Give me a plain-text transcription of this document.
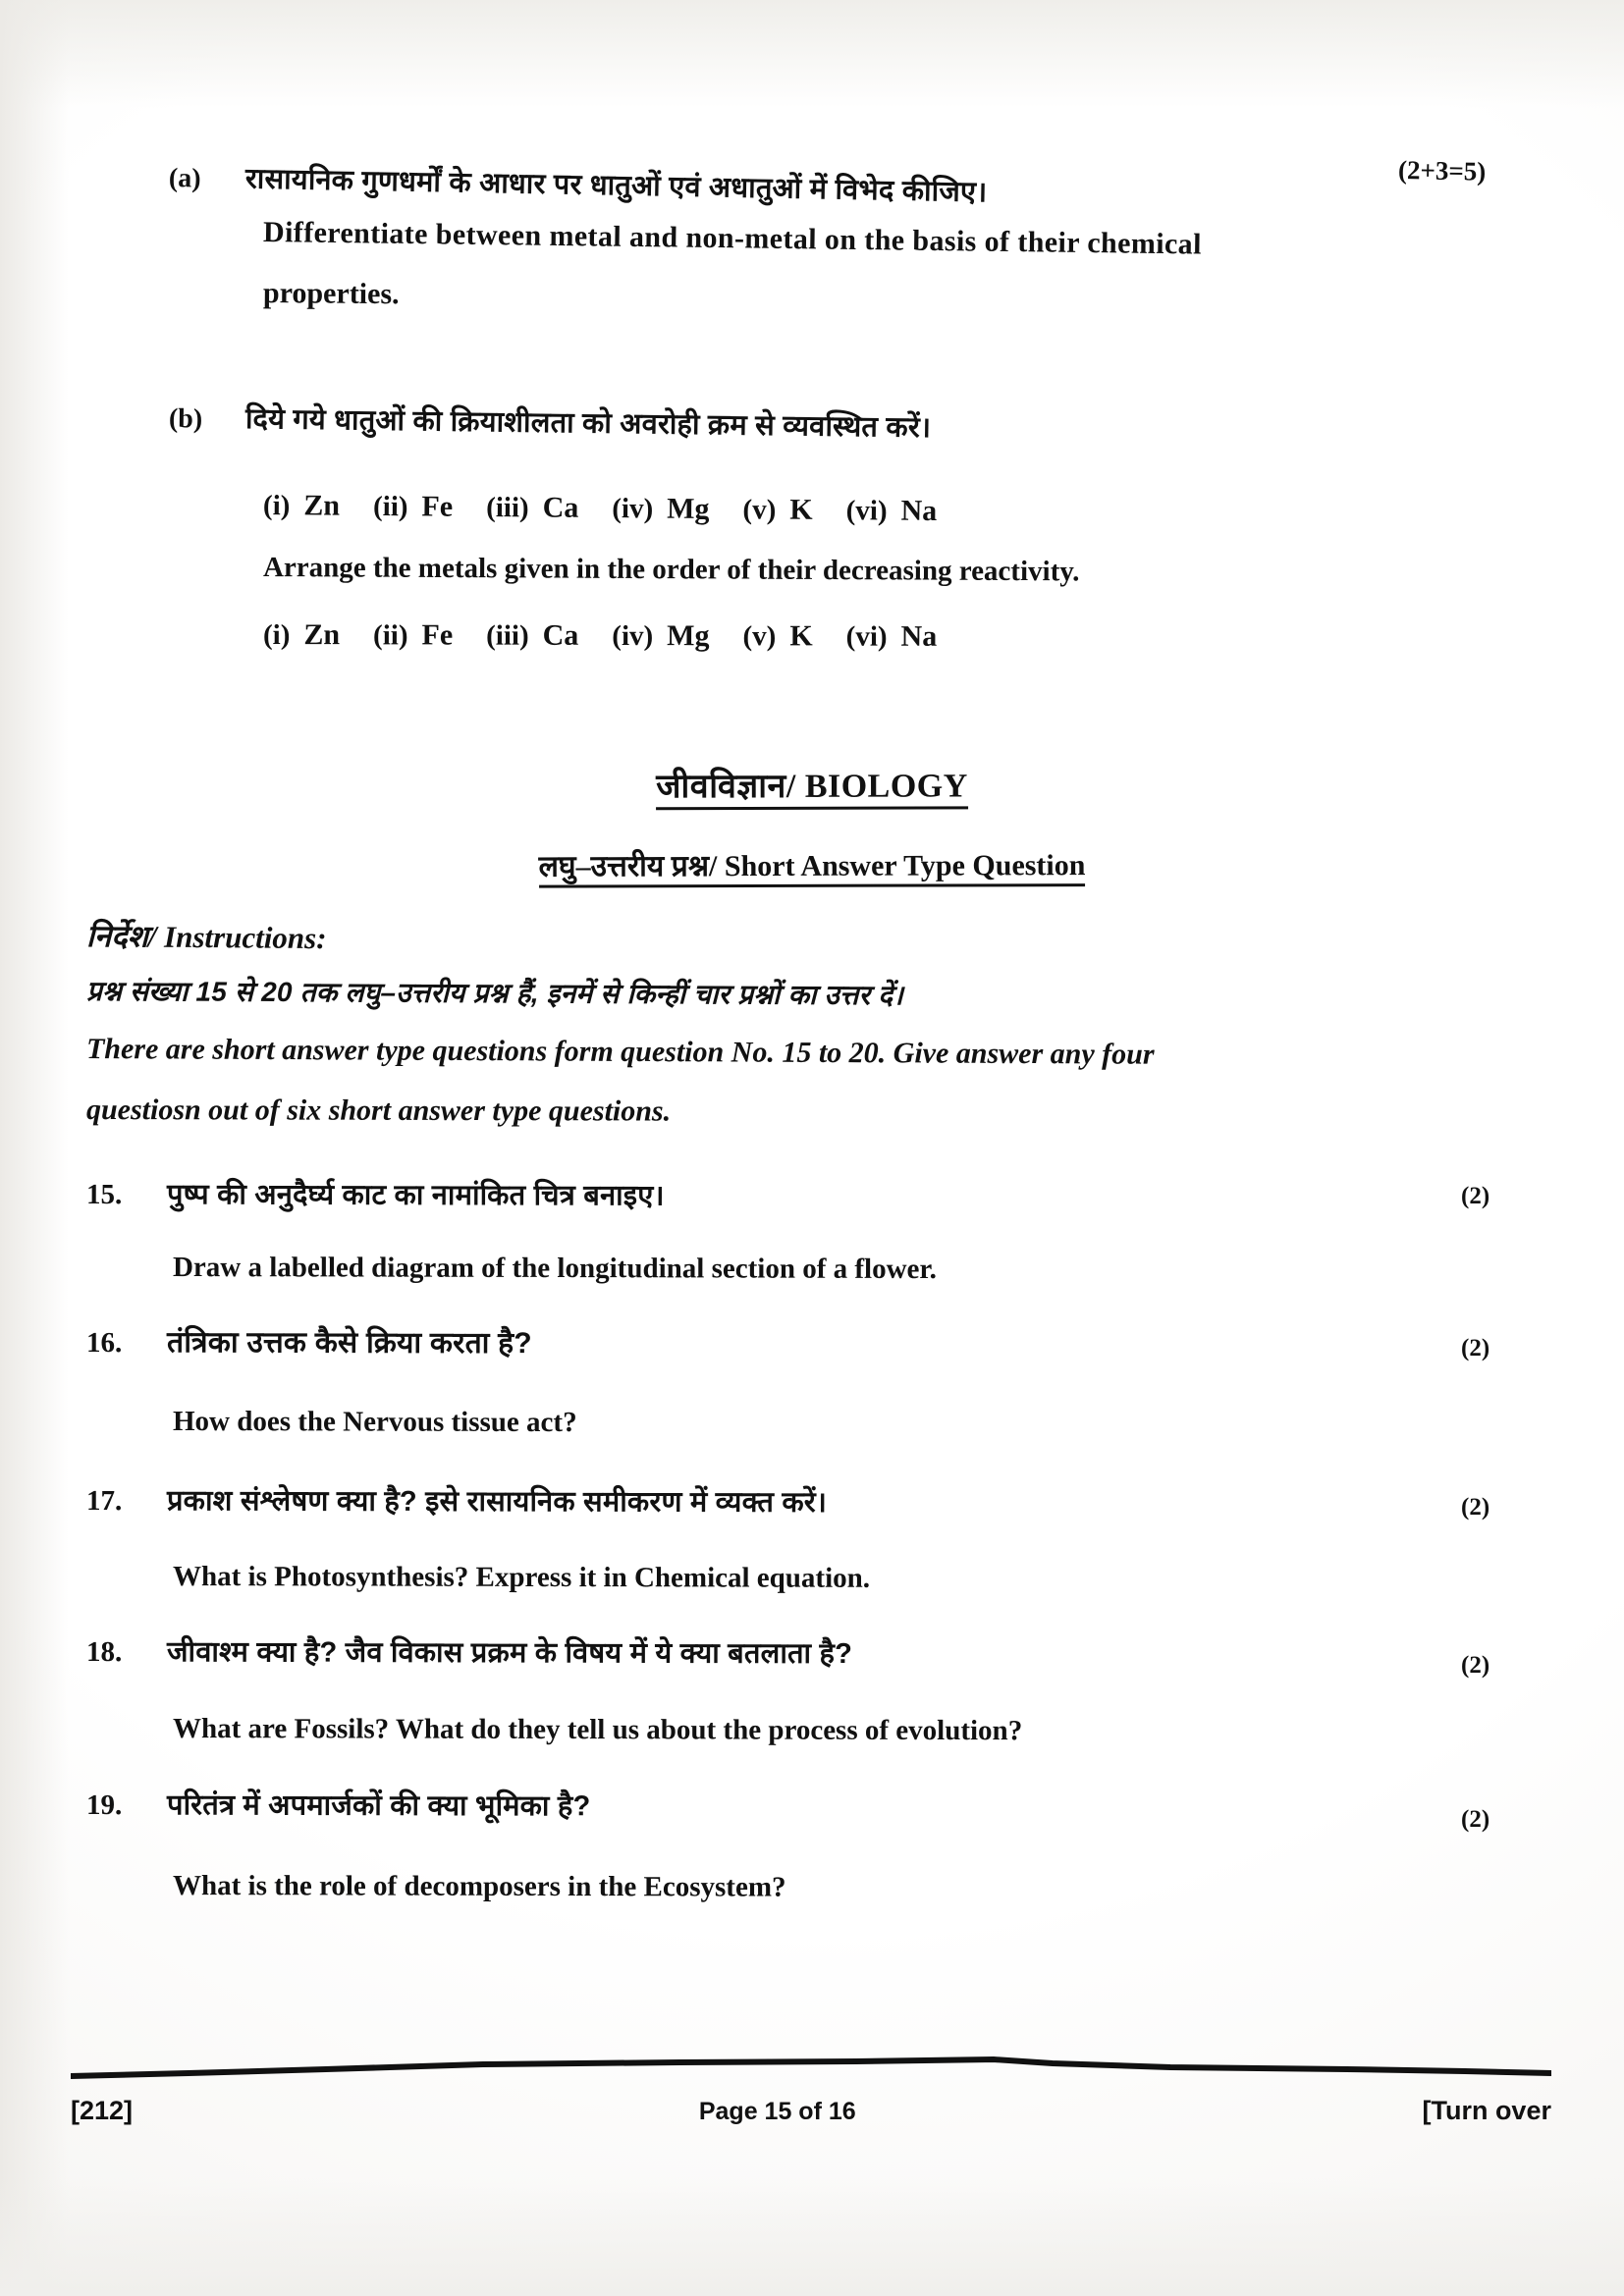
(a)	रासायनिक गुणधर्मों के आधार पर धातुओं एवं अधातुओं में विभेद कीजिए।	(2+3=5)
Differentiate between metal and non-metal on the basis of their chemical
properties.
(b)	दिये गये धातुओं की क्रियाशीलता को अवरोही क्रम से व्यवस्थित करें।
(i) Zn (ii) Fe (iii) Ca (iv) Mg (v) K (vi) Na
Arrange the metals given in the order of their decreasing reactivity.
(i) Zn (ii) Fe (iii) Ca (iv) Mg (v) K (vi) Na
जीवविज्ञान/ BIOLOGY
लघु–उत्तरीय प्रश्न/ Short Answer Type Question
निर्देश/ Instructions:
प्रश्न संख्या 15 से 20 तक लघु–उत्तरीय प्रश्न हैं, इनमें से किन्हीं चार प्रश्नों का उत्तर दें।
There are short answer type questions form question No. 15 to 20. Give answer any four
questiosn out of six short answer type questions.
15.	पुष्प की अनुदैर्घ्य काट का नामांकित चित्र बनाइए।	(2)
Draw a labelled diagram of the longitudinal section of a flower.
16.	तंत्रिका उत्तक कैसे क्रिया करता है?	(2)
How does the Nervous tissue act?
17.	प्रकाश संश्लेषण क्या है? इसे रासायनिक समीकरण में व्यक्त करें।	(2)
What is Photosynthesis? Express it in Chemical equation.
18.	जीवाश्म क्या है? जैव विकास प्रक्रम के विषय में ये क्या बतलाता है?	(2)
What are Fossils? What do they tell us about the process of evolution?
19.	परितंत्र में अपमार्जकों की क्या भूमिका है?	(2)
What is the role of decomposers in the Ecosystem?
[212]	Page 15 of 16	[Turn over
